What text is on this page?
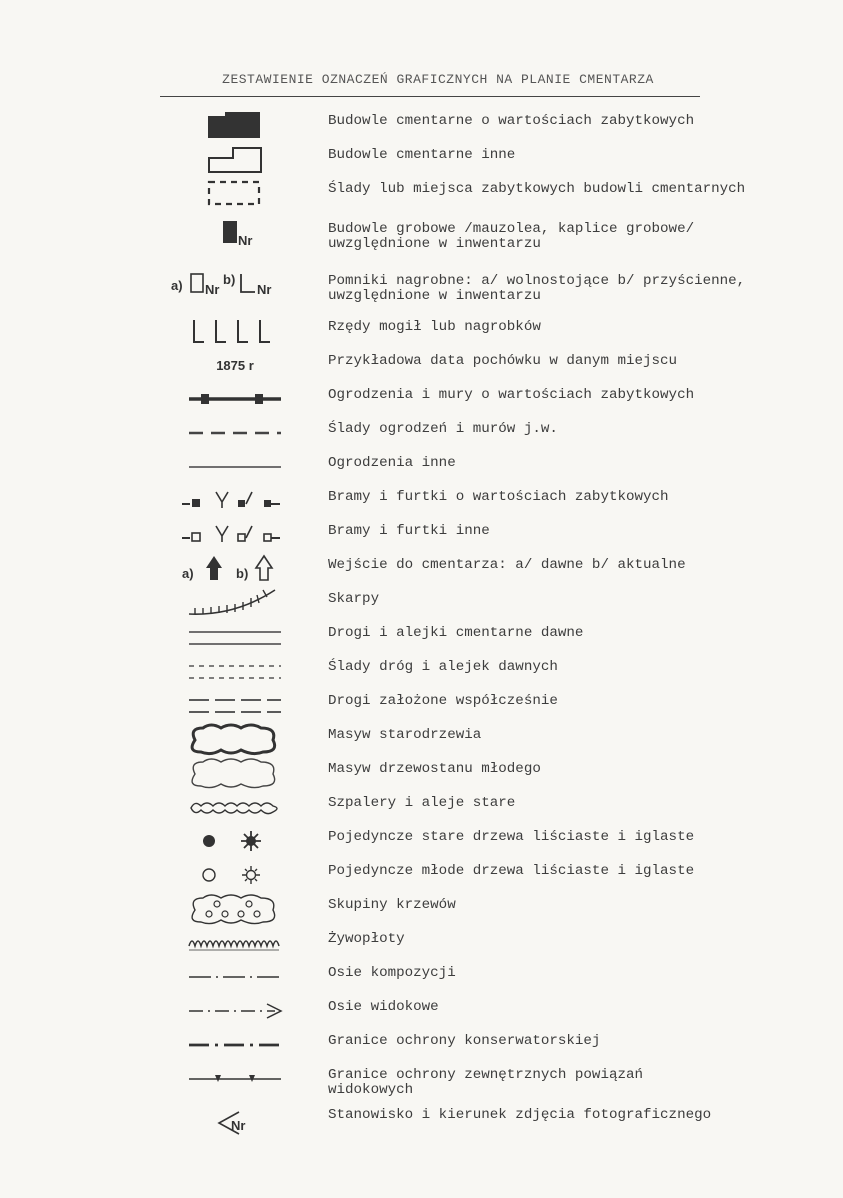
ZESTAWIENIE OZNACZEŃ GRAFICZNYCH NA PLANIE CMENTARZA
Budowle cmentarne o wartościach zabytkowych
Budowle cmentarne inne
Ślady lub miejsca zabytkowych budowli cmentarnych
Nr
Budowle grobowe /mauzolea, kaplice grobowe/
uwzględnione w inwentarzu
a) Nr
b)
Nr
Pomniki nagrobne: a/ wolnostojące b/ przyścienne,
uwzględnione w inwentarzu
Rzędy mogił lub nagrobków
1875 r	Przykładowa data pochówku w danym miejscu
Ogrodzenia i mury o wartościach zabytkowych
Ślady ogrodzeń i murów j.w.
Ogrodzenia inne
Bramy i furtki o wartościach zabytkowych
Bramy i furtki inne
a)	b)
Wejście do cmentarza: a/ dawne b/ aktualne
Skarpy
Drogi i alejki cmentarne dawne
Ślady dróg i alejek dawnych
Drogi założone współcześnie
Masyw starodrzewia
Masyw drzewostanu młodego
Szpalery i aleje stare
Pojedyncze stare drzewa liściaste i iglaste
Pojedyncze młode drzewa liściaste i iglaste
Skupiny krzewów
Żywopłoty
Osie kompozycji
Osie widokowe
Granice ochrony konserwatorskiej
Granice ochrony zewnętrznych powiązań
widokowych
Nr
Stanowisko i kierunek zdjęcia fotograficznego
